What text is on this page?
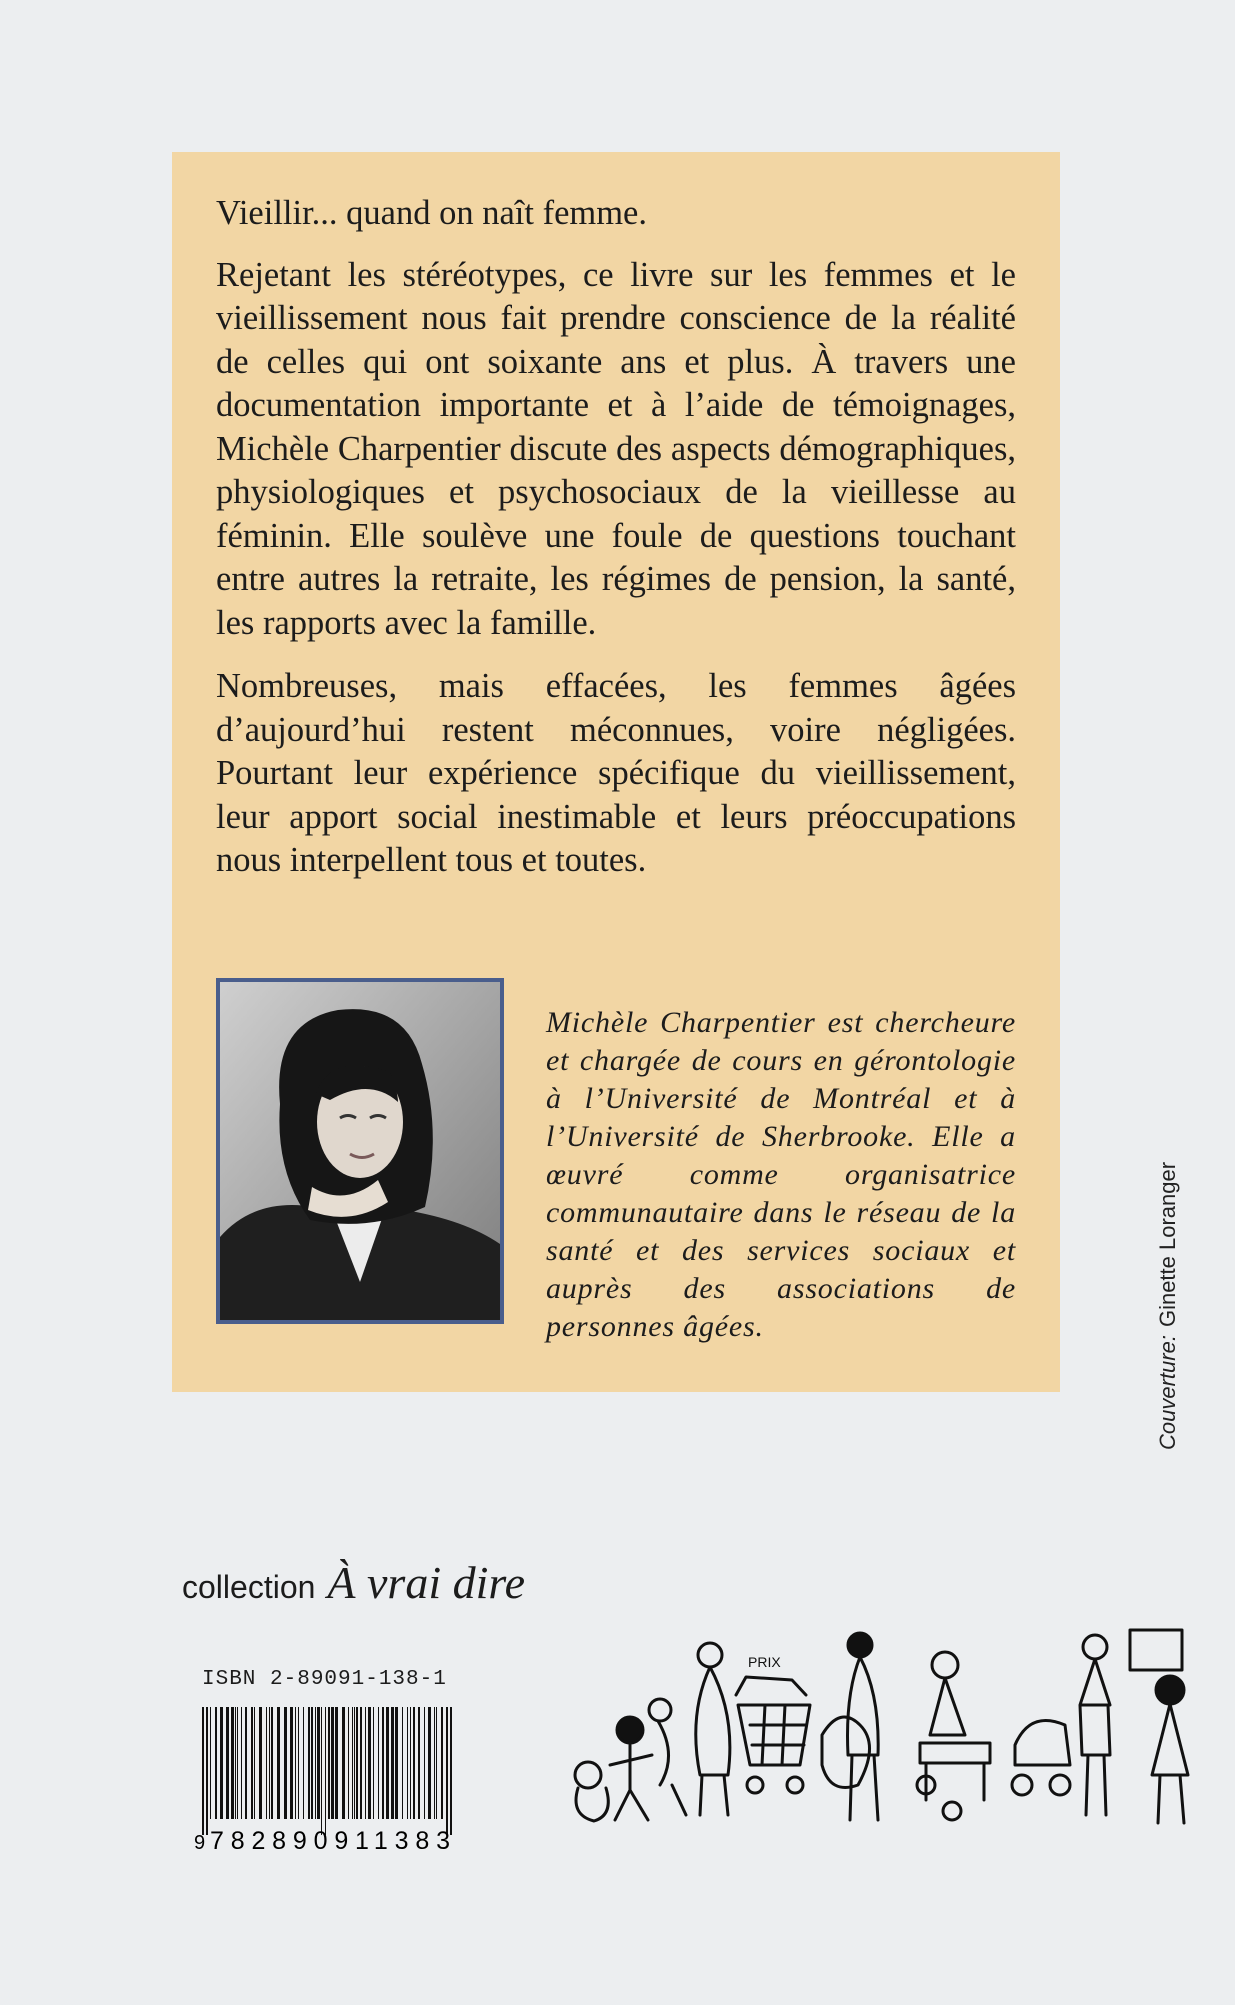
Vieillir... quand on naît femme.

Rejetant les stéréotypes, ce livre sur les femmes et le vieillissement nous fait prendre conscience de la réalité de celles qui ont soixante ans et plus. À travers une documentation importante et à l’aide de témoignages, Michèle Charpentier discute des aspects démographiques, physiologiques et psychosociaux de la vieillesse au féminin. Elle soulève une foule de questions touchant entre autres la retraite, les régimes de pension, la santé, les rapports avec la famille.

Nombreuses, mais effacées, les femmes âgées d’aujourd’hui restent méconnues, voire négligées. Pourtant leur expérience spécifique du vieillissement, leur apport social inestimable et leurs préoccupations nous interpellent tous et toutes.

Michèle Charpentier est chercheure et chargée de cours en gérontologie à l’Université de Montréal et à l’Université de Sherbrooke. Elle a œuvré comme organisatrice communautaire dans le réseau de la santé et des services sociaux et auprès des associations de personnes âgées.

Couverture:Ginette Loranger
collection À vrai dire
ISBN 2-89091-138-1
9 782890911383
PRIX
